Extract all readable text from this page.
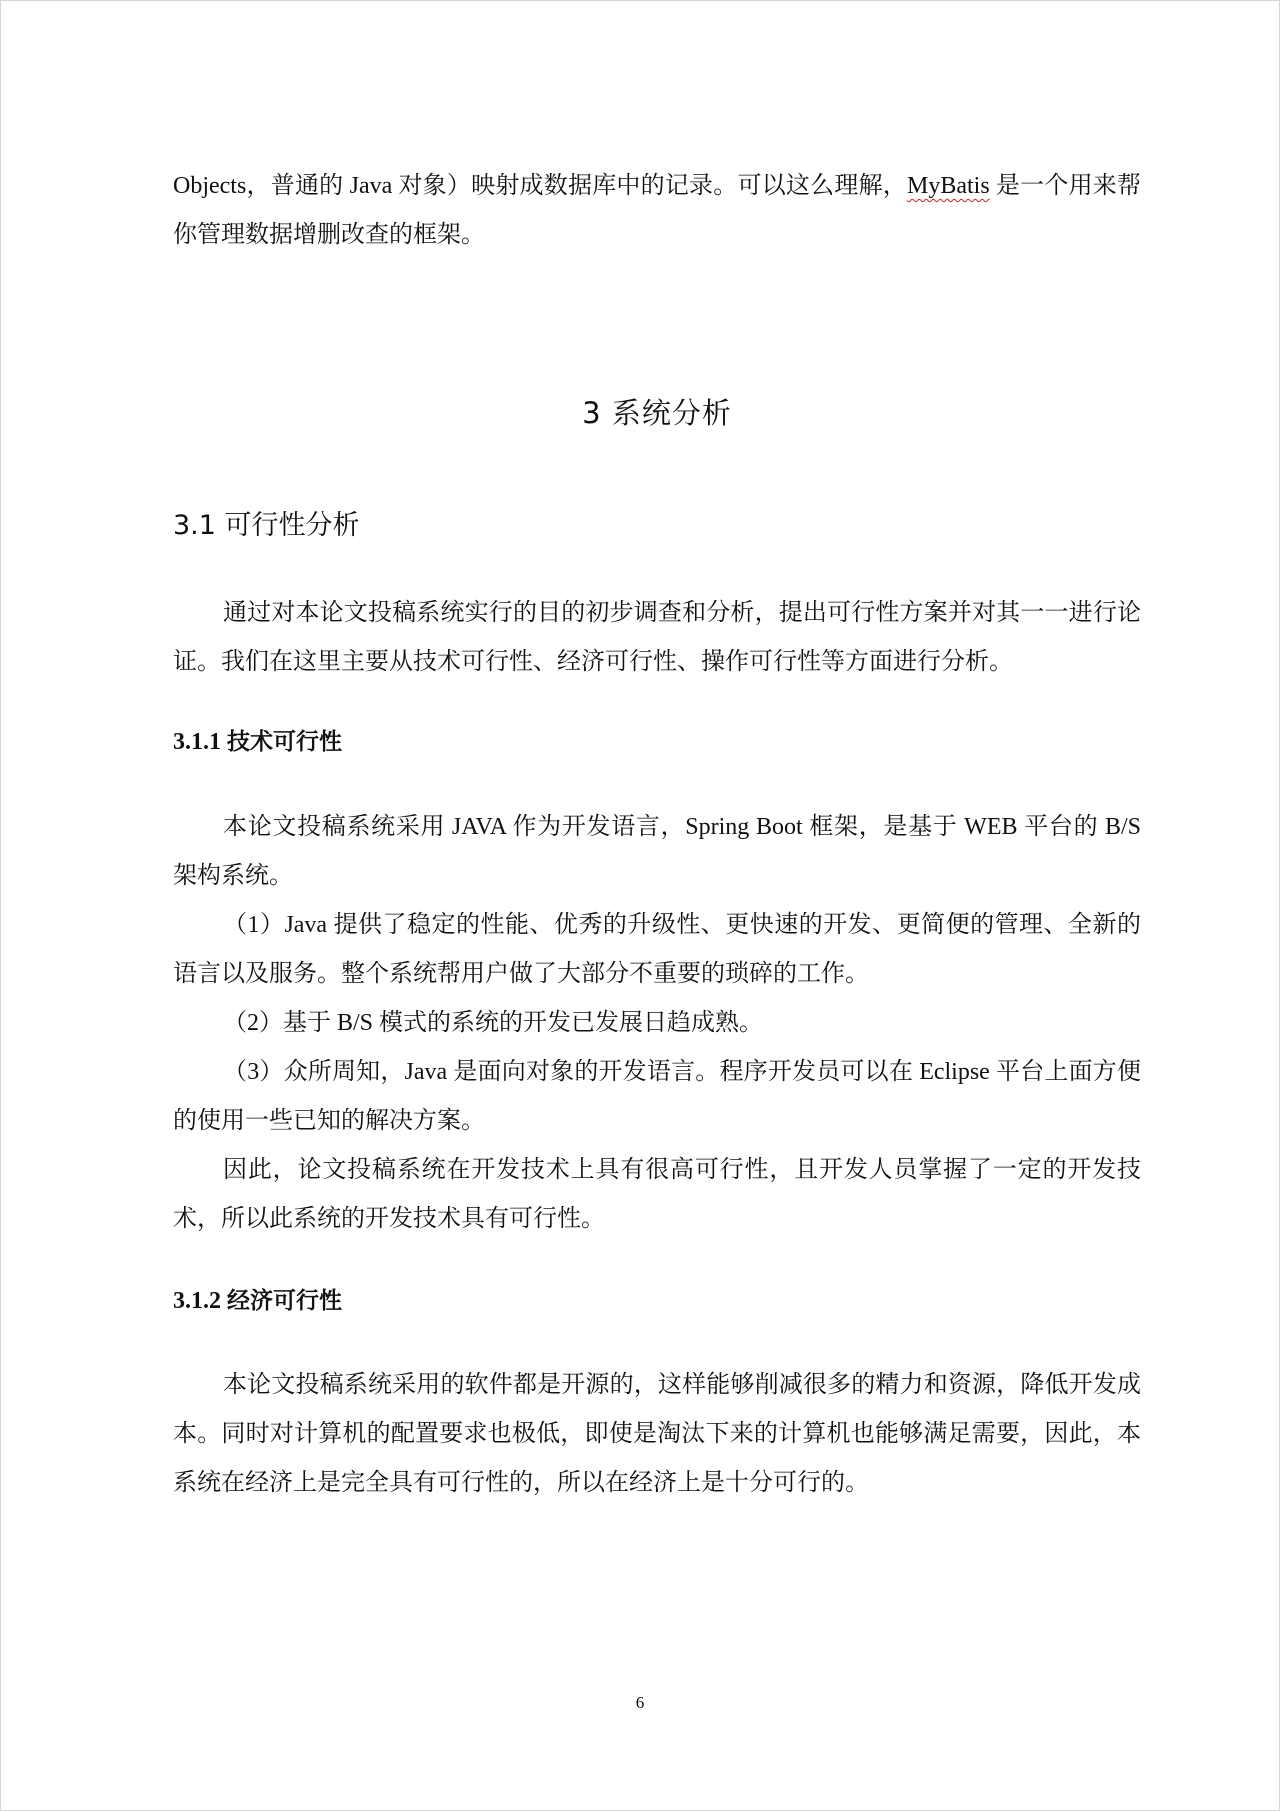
Objects，普通的 Java 对象）映射成数据库中的记录。可以这么理解，MyBatis 是一个用来帮你管理数据增删改查的框架。

3 系统分析
3.1 可行性分析

通过对本论文投稿系统实行的目的初步调查和分析，提出可行性方案并对其一一进行论证。我们在这里主要从技术可行性、经济可行性、操作可行性等方面进行分析。

3.1.1 技术可行性

本论文投稿系统采用 JAVA 作为开发语言，Spring Boot 框架，是基于 WEB 平台的 B/S 架构系统。

（1）Java 提供了稳定的性能、优秀的升级性、更快速的开发、更简便的管理、全新的语言以及服务。整个系统帮用户做了大部分不重要的琐碎的工作。

（2）基于 B/S 模式的系统的开发已发展日趋成熟。

（3）众所周知，Java 是面向对象的开发语言。程序开发员可以在 Eclipse 平台上面方便的使用一些已知的解决方案。

因此，论文投稿系统在开发技术上具有很高可行性，且开发人员掌握了一定的开发技术，所以此系统的开发技术具有可行性。

3.1.2 经济可行性

本论文投稿系统采用的软件都是开源的，这样能够削减很多的精力和资源，降低开发成本。同时对计算机的配置要求也极低，即使是淘汰下来的计算机也能够满足需要，因此，本系统在经济上是完全具有可行性的，所以在经济上是十分可行的。

6
